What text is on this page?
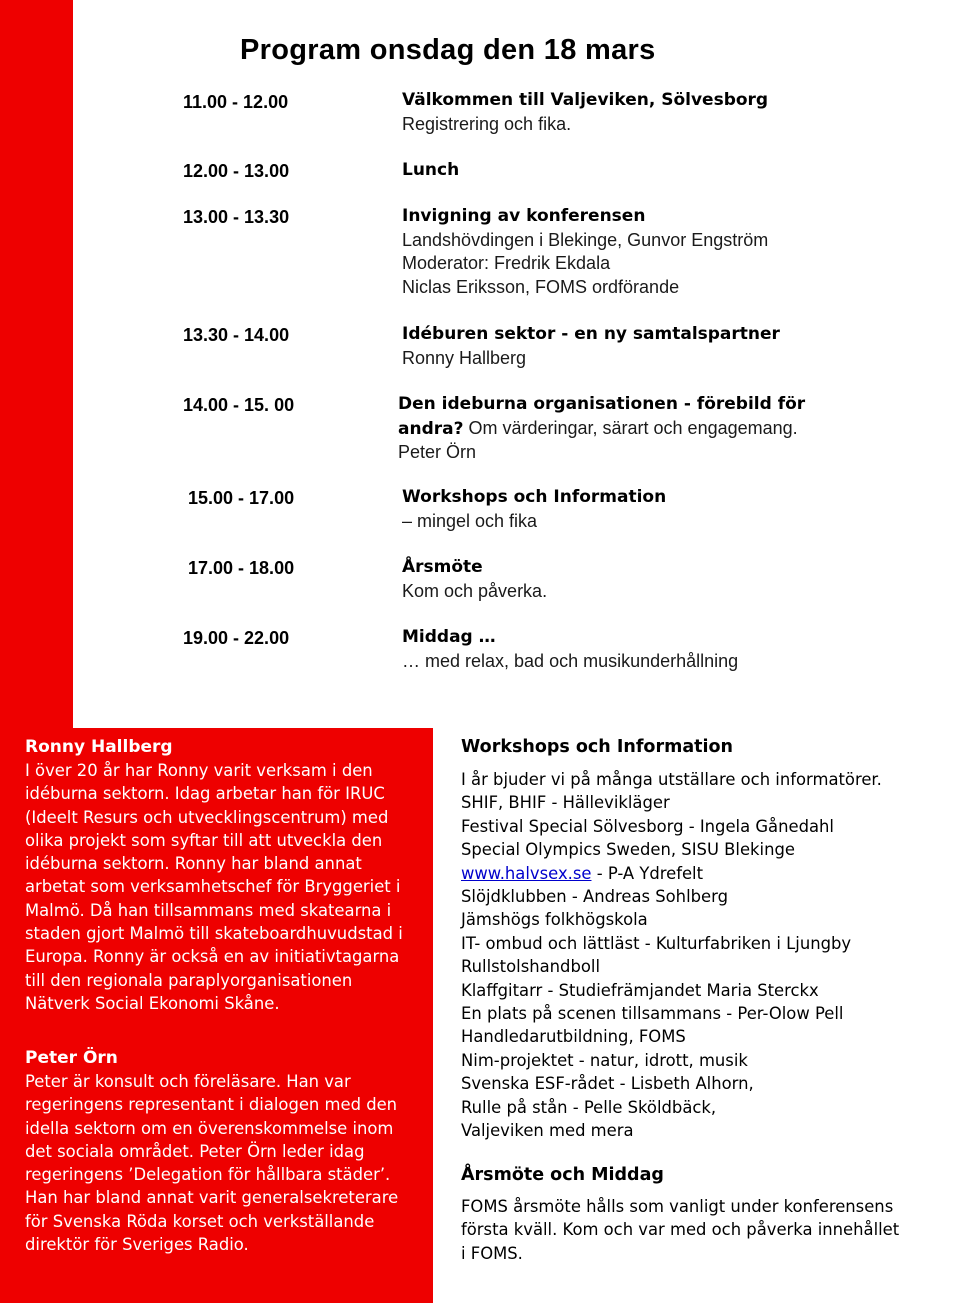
Program onsdag den 18 mars
11.00 - 12.00	Välkommen till Valjeviken, Sölvesborg
Registrering och fika.
12.00 - 13.00	Lunch
13.00 - 13.30	Invigning av konferensen
Landshövdingen i Blekinge, Gunvor Engström
Moderator: Fredrik Ekdala
Niclas Eriksson, FOMS ordförande
13.30 - 14.00	Idéburen sektor - en ny samtalspartner
Ronny Hallberg
14.00 - 15. 00	Den ideburna organisationen - förebild för
andra? Om värderingar, särart och engagemang.
Peter Örn
15.00 - 17.00	Workshops och Information
– mingel och fika
17.00 - 18.00	Årsmöte
Kom och påverka.
19.00 - 22.00	Middag …
… med relax, bad och musikunderhållning
Ronny Hallberg
I över 20 år har Ronny varit verksam i den
idéburna sektorn. Idag arbetar han för IRUC
(Ideelt Resurs och utvecklingscentrum) med
olika projekt som syftar till att utveckla den
idéburna sektorn. Ronny har bland annat
arbetat som verksamhetschef för Bryggeriet i
Malmö. Då han tillsammans med skatearna i
staden gjort Malmö till skateboardhuvudstad i
Europa. Ronny är också en av initiativtagarna
till den regionala paraplyorganisationen
Nätverk Social Ekonomi Skåne.
Peter Örn
Peter är konsult och föreläsare. Han var
regeringens representant i dialogen med den
idella sektorn om en överenskommelse inom
det sociala området. Peter Örn leder idag
regeringens ’Delegation för hållbara städer’.
Han har bland annat varit generalsekreterare
för Svenska Röda korset och verkställande
direktör för Sveriges Radio.
Workshops och Information
I år bjuder vi på många utställare och informatörer.
SHIF, BHIF - Hällevikläger
Festival Special Sölvesborg - Ingela Gånedahl
Special Olympics Sweden, SISU Blekinge
www.halvsex.se - P-A Ydrefelt
Slöjdklubben - Andreas Sohlberg
Jämshögs folkhögskola
IT- ombud och lättläst - Kulturfabriken i Ljungby
Rullstolshandboll
Klaffgitarr - Studiefrämjandet Maria Sterckx
En plats på scenen tillsammans - Per-Olow Pell
Handledarutbildning, FOMS
Nim-projektet - natur, idrott, musik
Svenska ESF-rådet - Lisbeth Alhorn,
Rulle på stån - Pelle Sköldbäck,
Valjeviken med mera
Årsmöte och Middag
FOMS årsmöte hålls som vanligt under konferensens
första kväll. Kom och var med och påverka innehållet
i FOMS.
